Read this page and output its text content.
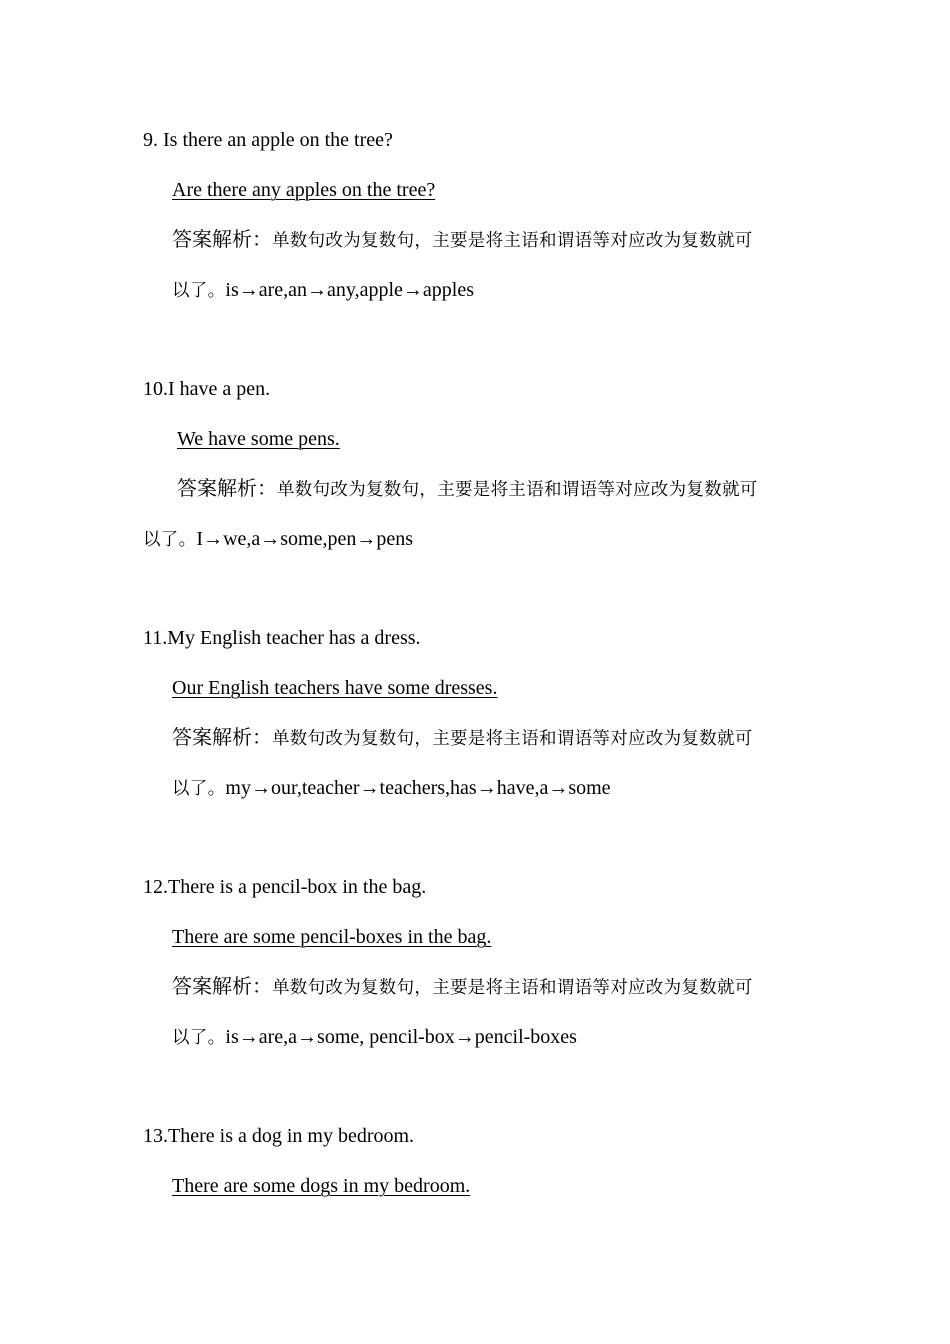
9. Is there an apple on the tree?
Are there any apples on the tree?
答案解析：单数句改为复数句，主要是将主语和谓语等对应改为复数就可
以了。is→are,an→any,apple→apples
10.I have a pen.
We have some pens.
答案解析：单数句改为复数句，主要是将主语和谓语等对应改为复数就可
以了。I→we,a→some,pen→pens
11.My English teacher has a dress.
Our English teachers have some dresses.
答案解析：单数句改为复数句，主要是将主语和谓语等对应改为复数就可
以了。my→our,teacher→teachers,has→have,a→some
12.There is a pencil-box in the bag.
There are some pencil-boxes in the bag.
答案解析：单数句改为复数句，主要是将主语和谓语等对应改为复数就可
以了。is→are,a→some, pencil-box→pencil-boxes
13.There is a dog in my bedroom.
There are some dogs in my bedroom.
